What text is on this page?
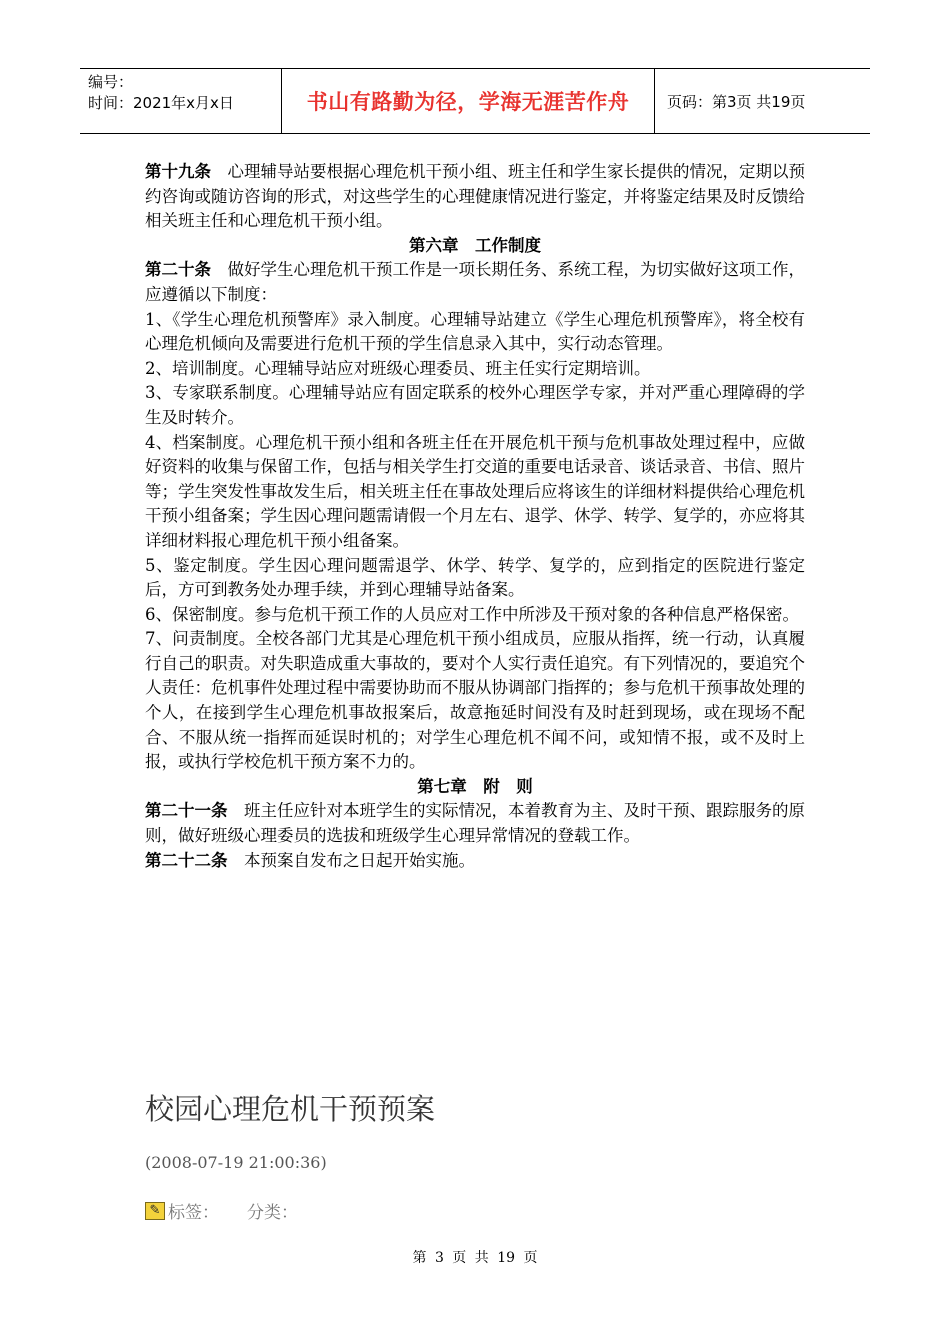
编号：
时间：2021年x月x日	书山有路勤为径，学海无涯苦作舟	页码：第3页 共19页

第十九条　 心理辅导站要根据心理危机干预小组、班主任和学生家长提供的情况，定期以预约咨询或随访咨询的形式，对这些学生的心理健康情况进行鉴定，并将鉴定结果及时反馈给相关班主任和心理危机干预小组。

第六章　工作制度

第二十条　 做好学生心理危机干预工作是一项长期任务、系统工程，为切实做好这项工作，应遵循以下制度：

1、《学生心理危机预警库》录入制度。心理辅导站建立《学生心理危机预警库》，将全校有心理危机倾向及需要进行危机干预的学生信息录入其中，实行动态管理。

2、培训制度。心理辅导站应对班级心理委员、班主任实行定期培训。

3、专家联系制度。心理辅导站应有固定联系的校外心理医学专家，并对严重心理障碍的学生及时转介。

4、档案制度。心理危机干预小组和各班主任在开展危机干预与危机事故处理过程中，应做好资料的收集与保留工作，包括与相关学生打交道的重要电话录音、谈话录音、书信、照片等；学生突发性事故发生后，相关班主任在事故处理后应将该生的详细材料提供给心理危机干预小组备案；学生因心理问题需请假一个月左右、退学、休学、转学、复学的，亦应将其详细材料报心理危机干预小组备案。

5、鉴定制度。学生因心理问题需退学、休学、转学、复学的，应到指定的医院进行鉴定后，方可到教务处办理手续，并到心理辅导站备案。

6、保密制度。参与危机干预工作的人员应对工作中所涉及干预对象的各种信息严格保密。

7、问责制度。全校各部门尤其是心理危机干预小组成员，应服从指挥，统一行动，认真履行自己的职责。对失职造成重大事故的，要对个人实行责任追究。有下列情况的，要追究个人责任：危机事件处理过程中需要协助而不服从协调部门指挥的；参与危机干预事故处理的个人，在接到学生心理危机事故报案后，故意拖延时间没有及时赶到现场，或在现场不配合、不服从统一指挥而延误时机的；对学生心理危机不闻不问，或知情不报，或不及时上报，或执行学校危机干预方案不力的。

第七章　附　则

第二十一条　 班主任应针对本班学生的实际情况，本着教育为主、及时干预、跟踪服务的原则，做好班级心理委员的选拔和班级学生心理异常情况的登载工作。

第二十二条　 本预案自发布之日起开始实施。

校园心理危机干预预案
(2008-07-19 21:00:36)
✎ 标签： 分类：
第 3 页 共 19 页
